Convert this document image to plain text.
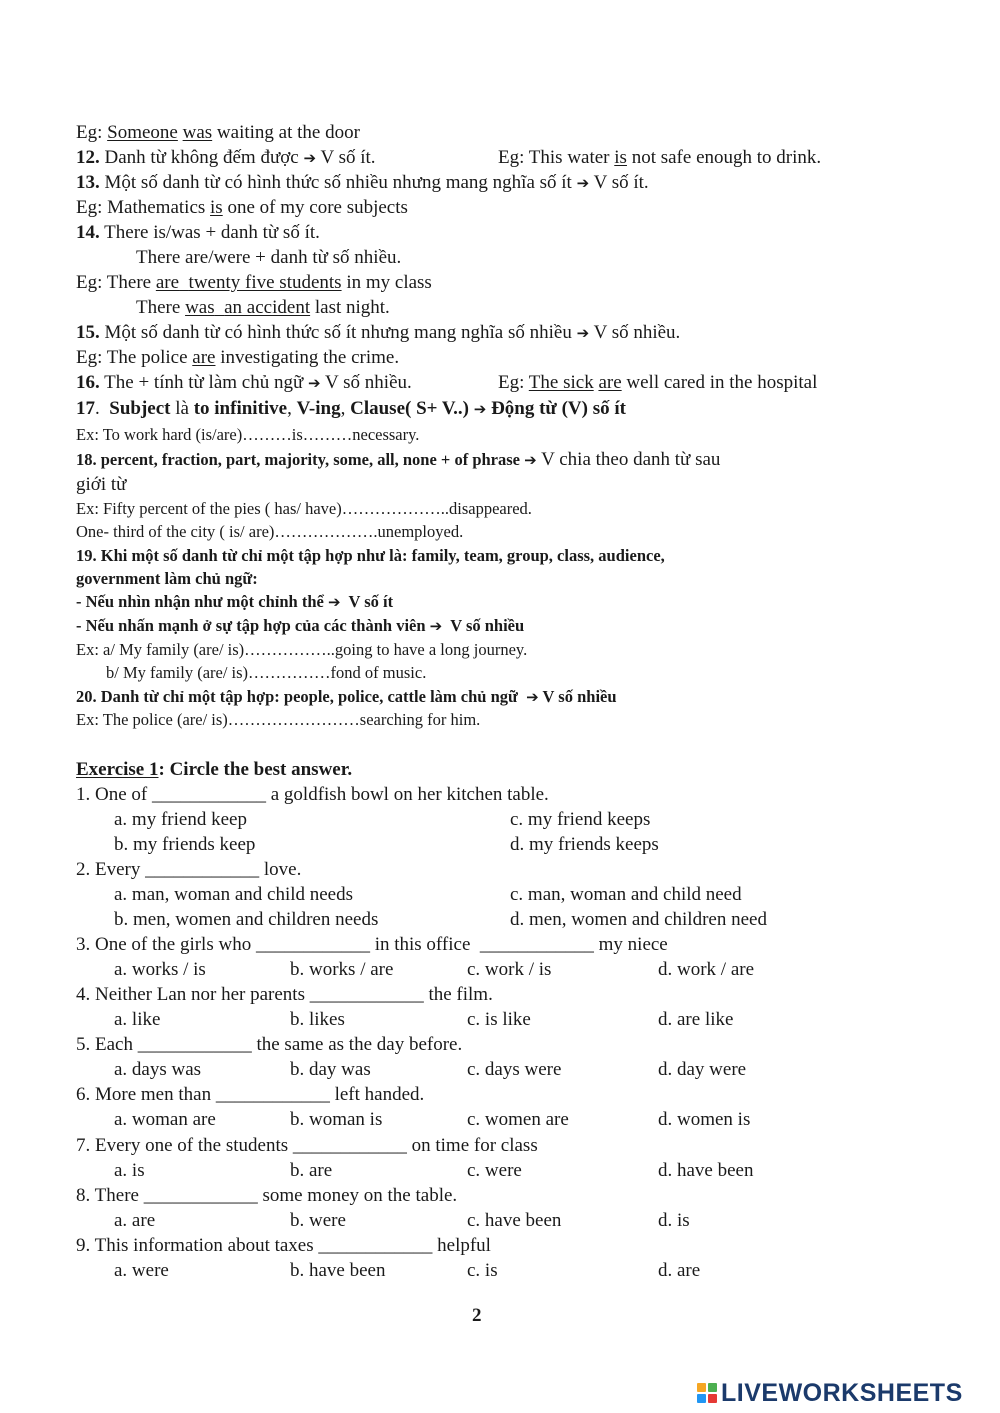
Eg: Someone was waiting at the door
12. Danh từ không đếm được ➔ V số ít.	Eg: This water is not safe enough to drink.
13. Một số danh từ có hình thức số nhiều nhưng mang nghĩa số ít ➔ V số ít.
Eg: Mathematics is one of my core subjects
14. There is/was + danh từ số ít.
There are/were + danh từ số nhiều.
Eg: There are twenty five students in my class
There was an accident last night.
15. Một số danh từ có hình thức số ít nhưng mang nghĩa số nhiều ➔ V số nhiều.
Eg: The police are investigating the crime.
16. The + tính từ làm chủ ngữ ➔ V số nhiều.	Eg: The sick are well cared in the hospital
17.  Subject là to infinitive, V-ing, Clause( S+ V..) ➔ Động từ (V) số ít
Ex: To work hard (is/are)………is………necessary.
18. percent, fraction, part, majority, some, all, none + of phrase ➔ V chia theo danh từ sau
giới từ
Ex: Fifty percent of the pies ( has/ have)………………..disappeared.
One- third of the city ( is/ are)……………….unemployed.
19. Khi một số danh từ chỉ một tập hợp như là: family, team, group, class, audience,
government làm chủ ngữ:
- Nếu nhìn nhận như một chỉnh thể ➔  V số ít
- Nếu nhấn mạnh ở sự tập hợp của các thành viên ➔  V số nhiều
Ex: a/ My family (are/ is)……………..going to have a long journey.
b/ My family (are/ is)……………fond of music.
20. Danh từ chỉ một tập hợp: people, police, cattle làm chủ ngữ  ➔ V số nhiều
Ex: The police (are/ is)……………………searching for him.
Exercise 1: Circle the best answer.
1. One of ____________ a goldfish bowl on her kitchen table.
a. my friend keep	c. my friend keeps
b. my friends keep	d. my friends keeps
2. Every ____________ love.
a. man, woman and child needs	c. man, woman and child need
b. men, women and children needs	d. men, women and children need
3. One of the girls who ____________ in this office  ____________ my niece
a. works / is	b. works / are	c. work / is	d. work / are
4. Neither Lan nor her parents ____________ the film.
a. like	b. likes	c. is like	d. are like
5. Each ____________ the same as the day before.
a. days was	b. day was	c. days were	d. day were
6. More men than ____________ left handed.
a. woman are	b. woman is	c. women are	d. women is
7. Every one of the students ____________ on time for class
a. is	b. are	c. were	d. have been
8. There ____________ some money on the table.
a. are	b. were	c. have been	d. is
9. This information about taxes ____________ helpful
a. were	b. have been	c. is	d. are
2
LIVEWORKSHEETS
